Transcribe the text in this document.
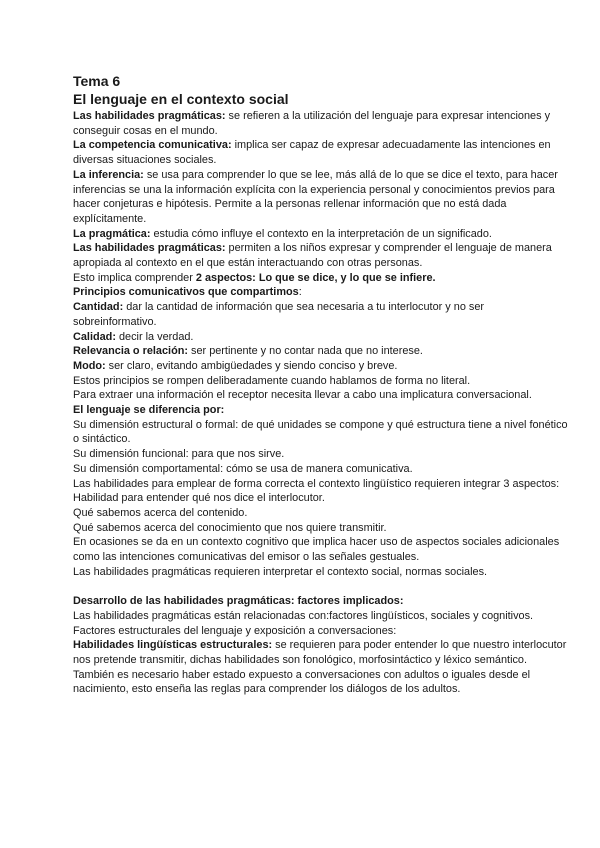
Tema 6
El lenguaje en el contexto social

Las habilidades pragmáticas: se refieren a la utilización del lenguaje para expresar intenciones y conseguir cosas en el mundo.

La competencia comunicativa: implica ser capaz de expresar adecuadamente las intenciones en diversas situaciones sociales.

La inferencia: se usa para comprender lo que se lee, más allá de lo que se dice el texto, para hacer inferencias se una la información explícita con la experiencia personal y conocimientos previos para hacer conjeturas e hipótesis. Permite a la personas rellenar información que no está dada explícitamente.

La pragmática: estudia cómo influye el contexto en la interpretación de un significado.

Las habilidades pragmáticas: permiten a los niños expresar y comprender el lenguaje de manera apropiada al contexto en el que están interactuando con otras personas.

Esto implica comprender 2 aspectos: Lo que se dice, y lo que se infiere.

Principios comunicativos que compartimos:

Cantidad: dar la cantidad de información que sea necesaria a tu interlocutor y no ser sobreinformativo.

Calidad: decir la verdad.

Relevancia o relación: ser pertinente y no contar nada que no interese.

Modo: ser claro, evitando ambigüedades y siendo conciso y breve.

Estos principios se rompen deliberadamente cuando hablamos de forma no literal.

Para extraer una información el receptor necesita llevar a cabo una implicatura conversacional.

El lenguaje se diferencia por:

Su dimensión estructural o formal: de qué unidades se compone y qué estructura tiene a nivel fonético o sintáctico.

Su dimensión funcional: para que nos sirve.

Su dimensión comportamental: cómo se usa de manera comunicativa.

Las habilidades para emplear de forma correcta el contexto lingüístico requieren integrar 3 aspectos:

Habilidad para entender qué nos dice el interlocutor.

Qué sabemos acerca del contenido.

Qué sabemos acerca del conocimiento que nos quiere transmitir.

En ocasiones se da en un contexto cognitivo que implica hacer uso de aspectos sociales adicionales como las intenciones comunicativas del emisor o las señales gestuales.

Las habilidades pragmáticas requieren interpretar el contexto social, normas sociales.

Desarrollo de las habilidades pragmáticas: factores implicados:

Las habilidades pragmáticas están relacionadas con:factores lingüísticos, sociales y cognitivos.

Factores estructurales del lenguaje y exposición a conversaciones:

Habilidades lingüísticas estructurales: se requieren para poder entender lo que nuestro interlocutor nos pretende transmitir, dichas habilidades son fonológico, morfosintáctico y léxico semántico.

También es necesario haber estado expuesto a conversaciones con adultos o iguales desde el nacimiento, esto enseña las reglas para comprender los diálogos de los adultos.
